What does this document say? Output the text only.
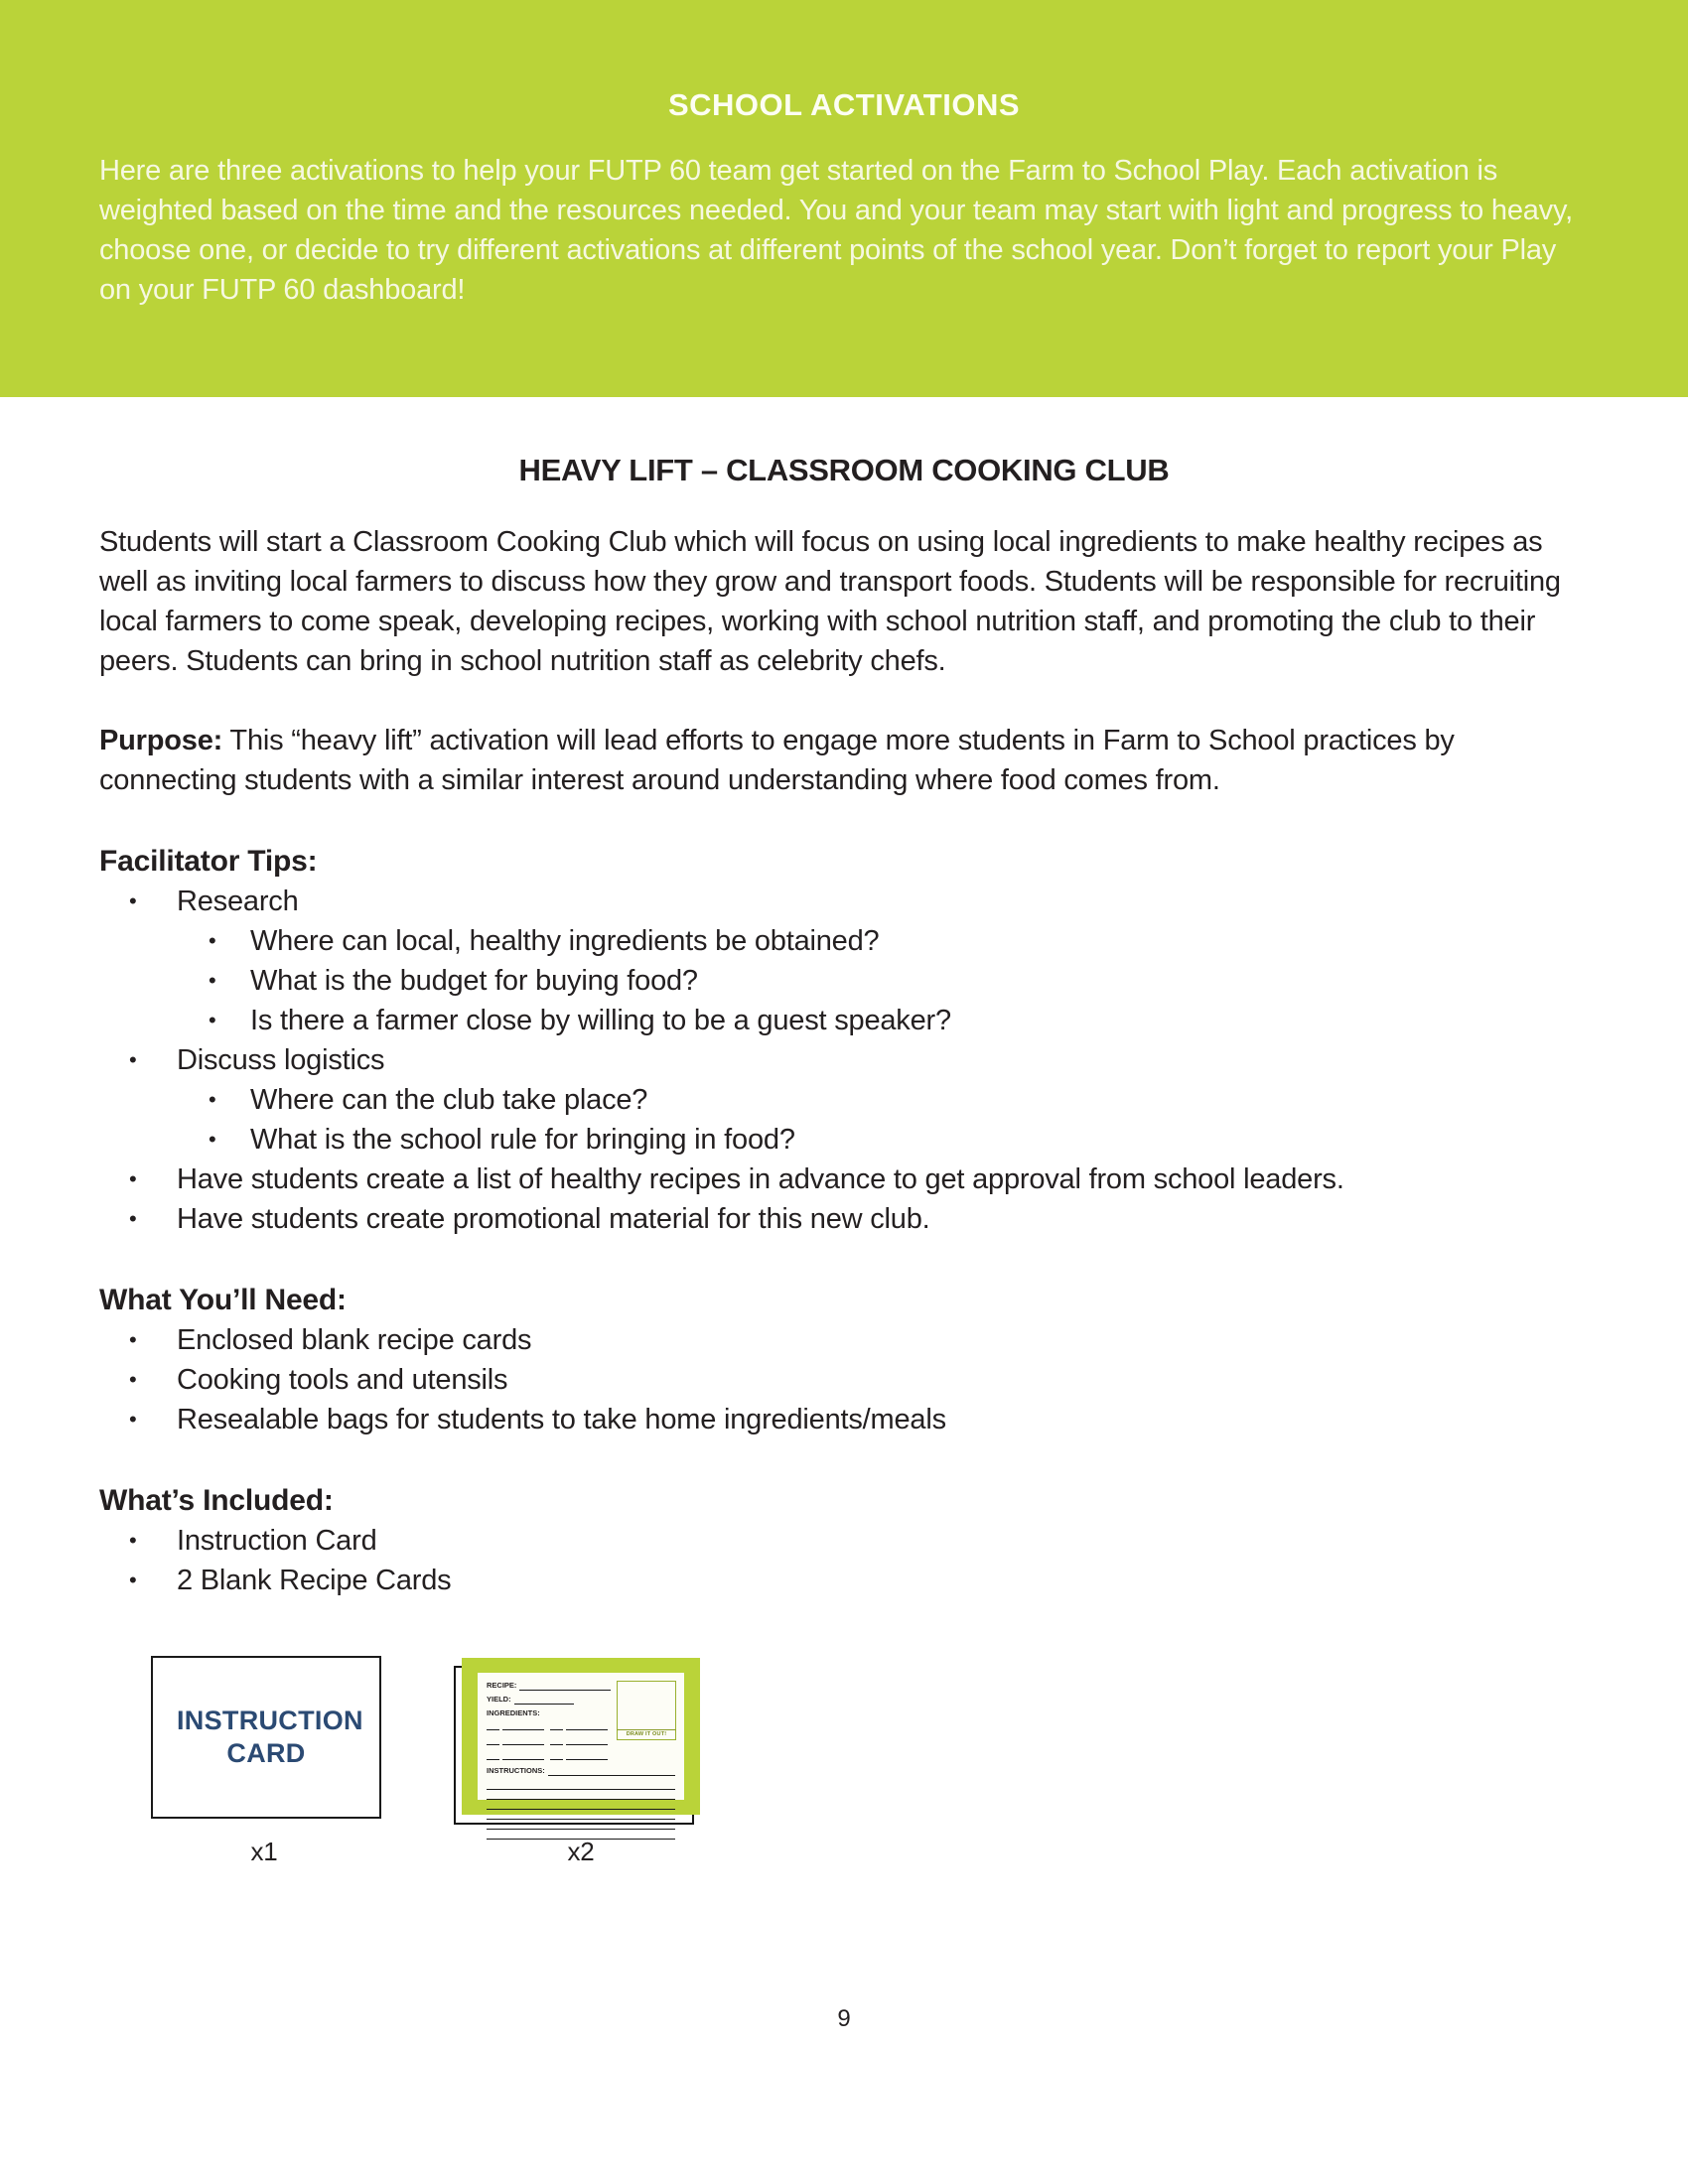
SCHOOL ACTIVATIONS

Here are three activations to help your FUTP 60 team get started on the Farm to School Play. Each activation is weighted based on the time and the resources needed. You and your team may start with light and progress to heavy, choose one, or decide to try different activations at different points of the school year. Don’t forget to report your Play on your FUTP 60 dashboard!

HEAVY LIFT – CLASSROOM COOKING CLUB

Students will start a Classroom Cooking Club which will focus on using local ingredients to make healthy recipes as well as inviting local farmers to discuss how they grow and transport foods. Students will be responsible for recruiting local farmers to come speak, developing recipes, working with school nutrition staff, and promoting the club to their peers. Students can bring in school nutrition staff as celebrity chefs.

Purpose: This “heavy lift” activation will lead efforts to engage more students in Farm to School practices by connecting students with a similar interest around understanding where food comes from.

Facilitator Tips:
• Research
• Where can local, healthy ingredients be obtained?
• What is the budget for buying food?
• Is there a farmer close by willing to be a guest speaker?
• Discuss logistics
• Where can the club take place?
• What is the school rule for bringing in food?
• Have students create a list of healthy recipes in advance to get approval from school leaders.
• Have students create promotional material for this new club.
What You’ll Need:
• Enclosed blank recipe cards
• Cooking tools and utensils
• Resealable bags for students to take home ingredients/meals
What’s Included:
• Instruction Card
• 2 Blank Recipe Cards
INSTRUCTION CARD
x1
RECIPE:
YIELD:
INGREDIENTS:
DRAW IT OUT!
INSTRUCTIONS:
x2
9
